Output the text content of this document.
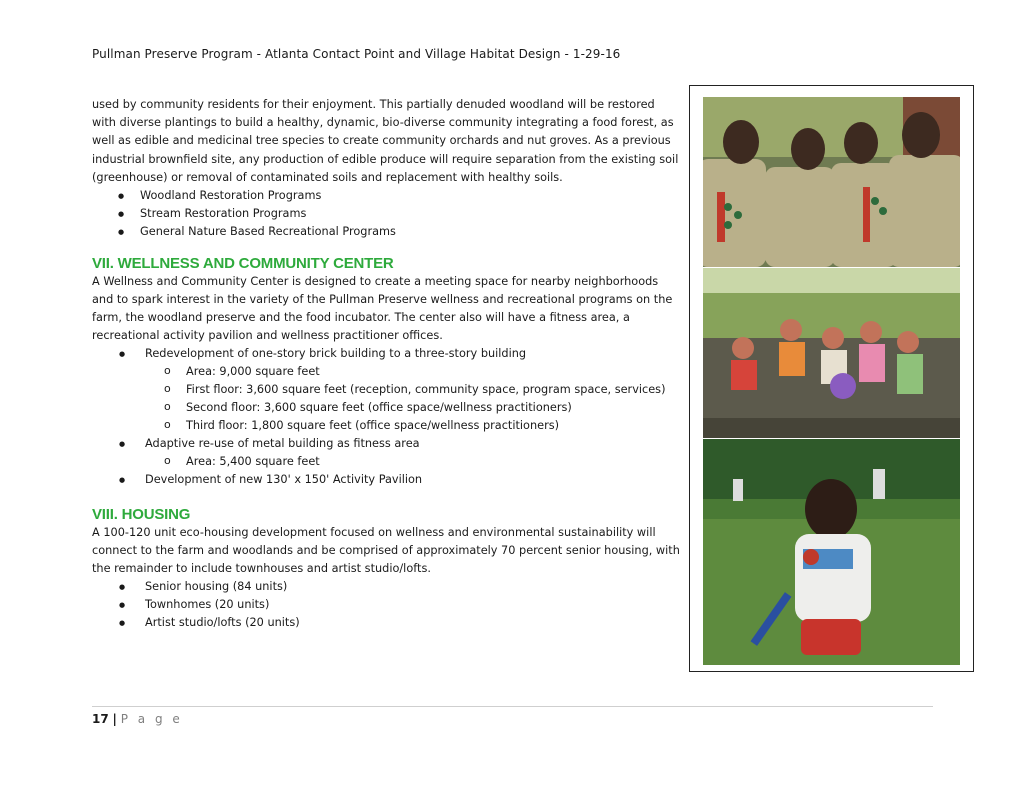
Pullman Preserve Program - Atlanta Contact Point and Village Habitat Design - 1-29-16

used by community residents for their enjoyment. This partially denuded woodland will be restored with diverse plantings to build a healthy, dynamic, bio-diverse community integrating a food forest, as well as edible and medicinal tree species to create community orchards and nut groves. As a previous industrial brownfield site, any production of edible produce will require separation from the existing soil (greenhouse) or removal of contaminated soils and replacement with healthy soils.

● Woodland Restoration Programs
● Stream Restoration Programs
● General Nature Based Recreational Programs
VII. WELLNESS AND COMMUNITY CENTER

A Wellness and Community Center is designed to create a meeting space for nearby neighborhoods and to spark interest in the variety of the Pullman Preserve wellness and recreational programs on the farm, the woodland preserve and the food incubator. The center also will have a fitness area, a recreational activity pavilion and wellness practitioner offices.

● Redevelopment of one-story brick building to a three-story building
o Area: 9,000 square feet
o First floor: 3,600 square feet (reception, community space, program space, services)
o Second floor: 3,600 square feet (office space/wellness practitioners)
o Third floor: 1,800 square feet (office space/wellness practitioners)
● Adaptive re-use of metal building as fitness area
o Area: 5,400 square feet
● Development of new 130' x 150' Activity Pavilion
VIII. HOUSING

A 100-120 unit eco-housing development focused on wellness and environmental sustainability will connect to the farm and woodlands and be comprised of approximately 70 percent senior housing, with the remainder to include townhouses and artist studio/lofts.

● Senior housing (84 units)
● Townhomes (20 units)
● Artist studio/lofts (20 units)
17 | P a g e
